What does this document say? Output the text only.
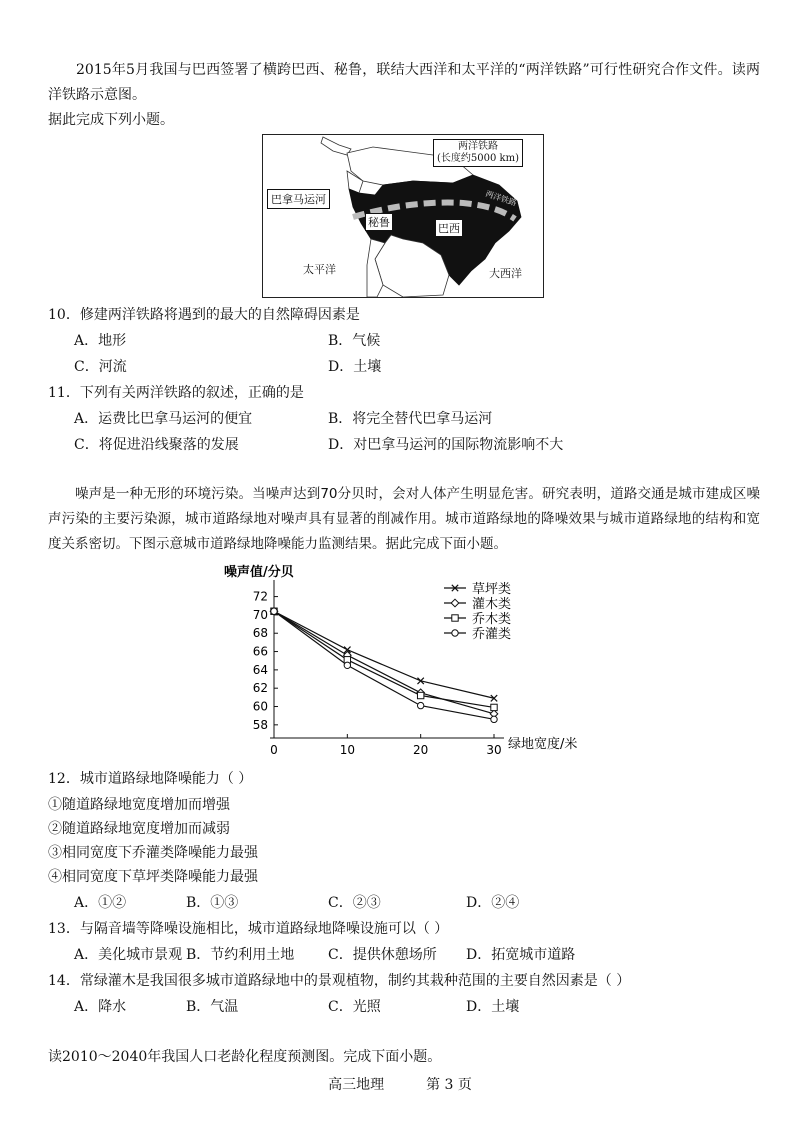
2015年5月我国与巴西签署了横跨巴西、秘鲁，联结大西洋和太平洋的“两洋铁路”可行性研究合作文件。读两洋铁路示意图。
据此完成下列小题。
两洋铁路
(长度约5000 km)
两洋铁路
巴拿马运河
秘鲁	巴西
太平洋	大西洋
10．修建两洋铁路将遇到的最大的自然障碍因素是
A．地形	B．气候
C．河流	D．土壤
11．下列有关两洋铁路的叙述，正确的是
A．运费比巴拿马运河的便宜	B．将完全替代巴拿马运河
C．将促进沿线聚落的发展	D．对巴拿马运河的国际物流影响不大
噪声是一种无形的环境污染。当噪声达到70分贝时，会对人体产生明显危害。研究表明，道路交通是城市建成区噪声污染的主要污染源，城市道路绿地对噪声具有显著的削减作用。城市道路绿地的降噪效果与城市道路绿地的结构和宽度关系密切。下图示意城市道路绿地降噪能力监测结果。据此完成下面小题。
噪声值/分贝
绿地宽度/米
58
60
62
64
66
68
70
72
0	10	20	30
草坪类
灌木类
乔木类
乔灌类
12．城市道路绿地降噪能力（ ）
①随道路绿地宽度增加而增强
②随道路绿地宽度增加而减弱
③相同宽度下乔灌类降噪能力最强
④相同宽度下草坪类降噪能力最强
A．①②	B．①③	C．②③	D．②④
13．与隔音墙等降噪设施相比，城市道路绿地降噪设施可以（ ）
A．美化城市景观 B．节约利用土地 C．提供休憩场所 D．拓宽城市道路
14．常绿灌木是我国很多城市道路绿地中的景观植物，制约其栽种范围的主要自然因素是（ ）
A．降水	B．气温	C．光照	D．土壤
读2010～2040年我国人口老龄化程度预测图。完成下面小题。
高三地理　　　第 3 页
